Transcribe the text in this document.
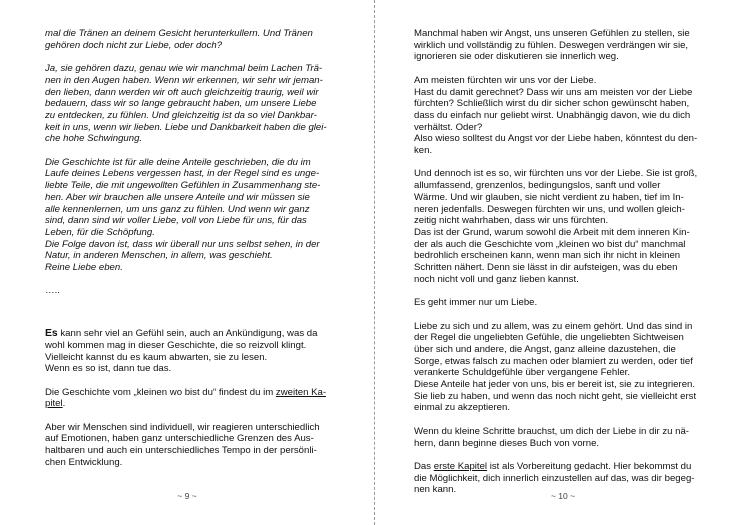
mal die Tränen an deinem Gesicht herunterkullern. Und Tränen
gehören doch nicht zur Liebe, oder doch?

Ja, sie gehören dazu, genau wie wir manchmal beim Lachen Trä-
nen in den Augen haben. Wenn wir erkennen, wir sehr wir jeman-
den lieben, dann werden wir oft auch gleichzeitig traurig, weil wir
bedauern, dass wir so lange gebraucht haben, um unsere Liebe
zu entdecken, zu fühlen. Und gleichzeitig ist da so viel Dankbar-
keit in uns, wenn wir lieben. Liebe und Dankbarkeit haben die glei-
che hohe Schwingung.

Die Geschichte ist für alle deine Anteile geschrieben, die du im
Laufe deines Lebens vergessen hast, in der Regel sind es unge-
liebte Teile, die mit ungewollten Gefühlen in Zusammenhang ste-
hen. Aber wir brauchen alle unsere Anteile und wir müssen sie
alle kennenlernen, um uns ganz zu fühlen. Und wenn wir ganz
sind, dann sind wir voller Liebe, voll von Liebe für uns, für das
Leben, für die Schöpfung.
Die Folge davon ist, dass wir überall nur uns selbst sehen, in der
Natur, in anderen Menschen, in allem, was geschieht.
Reine Liebe eben.

…..

Es kann sehr viel an Gefühl sein, auch an Ankündigung, was da
wohl kommen mag in dieser Geschichte, die so reizvoll klingt.
Vielleicht kannst du es kaum abwarten, sie zu lesen.
Wenn es so ist, dann tue das.

Die Geschichte vom „kleinen wo bist du“ findest du im zweiten Ka-
pitel.

Aber wir Menschen sind individuell, wir reagieren unterschiedlich
auf Emotionen, haben ganz unterschiedliche Grenzen des Aus-
haltbaren und auch ein unterschiedliches Tempo in der persönli-
chen Entwicklung.

~ 9 ~

Manchmal haben wir Angst, uns unseren Gefühlen zu stellen, sie
wirklich und vollständig zu fühlen. Deswegen verdrängen wir sie,
ignorieren sie oder diskutieren sie innerlich weg.

Am meisten fürchten wir uns vor der Liebe.
Hast du damit gerechnet? Dass wir uns am meisten vor der Liebe
fürchten? Schließlich wirst du dir sicher schon gewünscht haben,
dass du einfach nur geliebt wirst. Unabhängig davon, wie du dich
verhältst. Oder?
Also wieso solltest du Angst vor der Liebe haben, könntest du den-
ken.

Und dennoch ist es so, wir fürchten uns vor der Liebe. Sie ist groß,
allumfassend, grenzenlos, bedingungslos, sanft und voller
Wärme. Und wir glauben, sie nicht verdient zu haben, tief im In-
neren jedenfalls. Deswegen fürchten wir uns, und wollen gleich-
zeitig nicht wahrhaben, dass wir uns fürchten.
Das ist der Grund, warum sowohl die Arbeit mit dem inneren Kin-
der als auch die Geschichte vom „kleinen wo bist du“ manchmal
bedrohlich erscheinen kann, wenn man sich ihr nicht in kleinen
Schritten nähert. Denn sie lässt in dir aufsteigen, was du eben
noch nicht voll und ganz lieben kannst.

Es geht immer nur um Liebe.

Liebe zu sich und zu allem, was zu einem gehört. Und das sind in
der Regel die ungeliebten Gefühle, die ungeliebten Sichtweisen
über sich und andere, die Angst, ganz alleine dazustehen, die
Sorge, etwas falsch zu machen oder blamiert zu werden, oder tief
verankerte Schuldgefühle über vergangene Fehler.
Diese Anteile hat jeder von uns, bis er bereit ist, sie zu integrieren.
Sie lieb zu haben, und wenn das noch nicht geht, sie vielleicht erst
einmal zu akzeptieren.

Wenn du kleine Schritte brauchst, um dich der Liebe in dir zu nä-
hern, dann beginne dieses Buch von vorne.

Das erste Kapitel ist als Vorbereitung gedacht. Hier bekommst du
die Möglichkeit, dich innerlich einzustellen auf das, was dir begeg-
nen kann.

~ 10 ~
